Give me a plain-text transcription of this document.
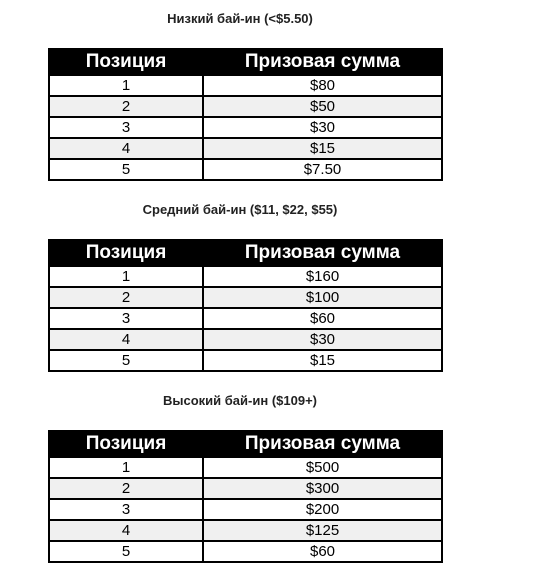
Низкий бай-ин (<$5.50)
Позиция	Призовая сумма
1	$80
2	$50
3	$30
4	$15
5	$7.50
Средний бай-ин ($11, $22, $55)
Позиция	Призовая сумма
1	$160
2	$100
3	$60
4	$30
5	$15
Высокий бай-ин ($109+)
Позиция	Призовая сумма
1	$500
2	$300
3	$200
4	$125
5	$60
